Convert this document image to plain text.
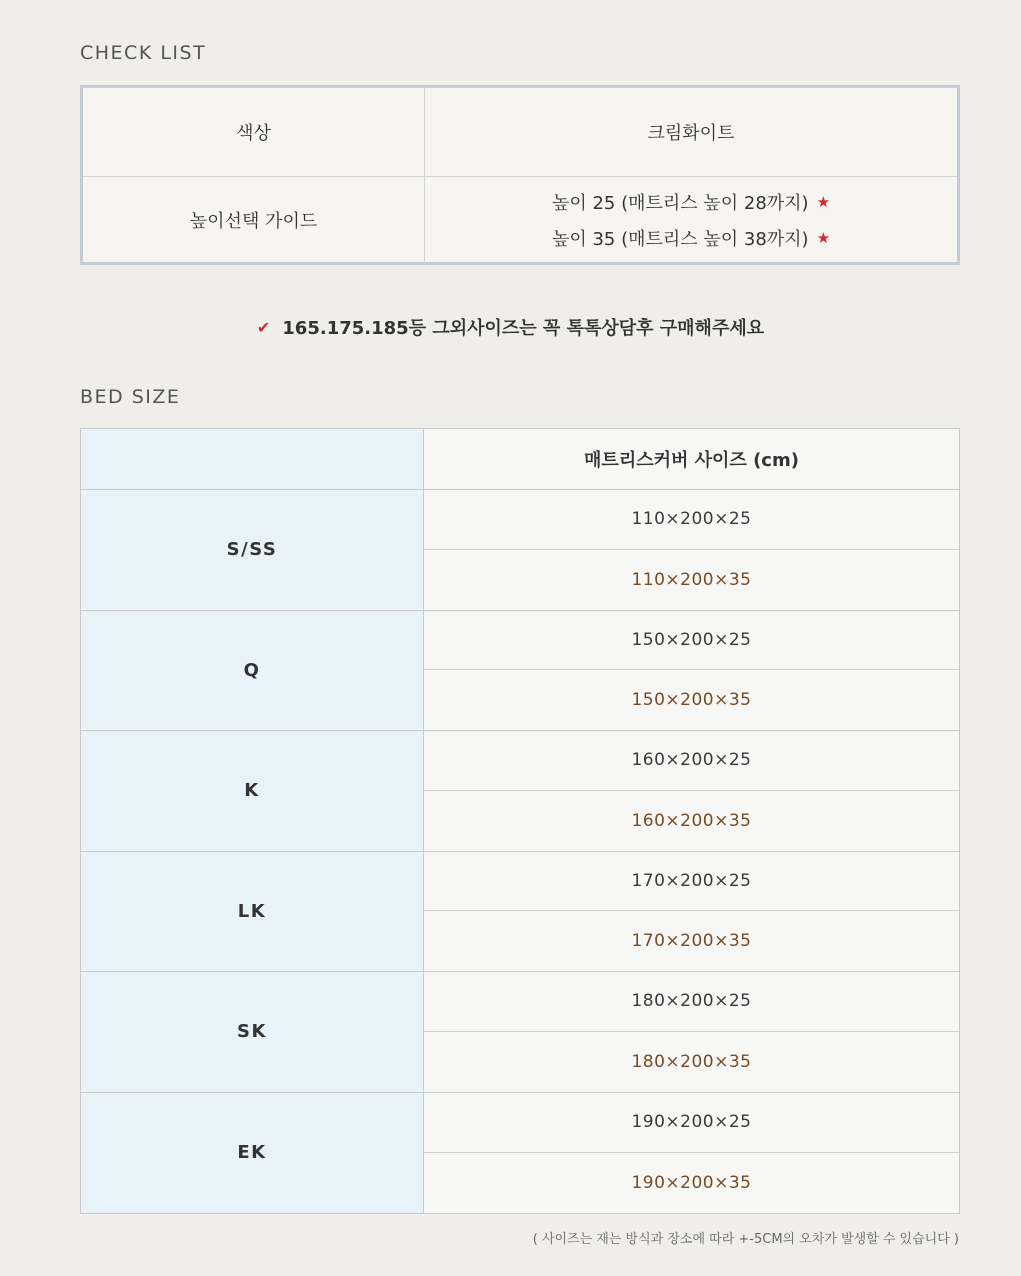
CHECK LIST
색상	크림화이트
높이선택 가이드
높이 25 (매트리스 높이 28까지) ★
높이 35 (매트리스 높이 38까지) ★
✔ 165.175.185등 그외사이즈는 꼭 톡톡상담후 구매해주세요
BED SIZE
매트리스커버 사이즈 (cm)
S/SS
110×200×25
110×200×35
Q
150×200×25
150×200×35
K
160×200×25
160×200×35
LK
170×200×25
170×200×35
SK
180×200×25
180×200×35
EK
190×200×25
190×200×35
( 사이즈는 재는 방식과 장소에 따라 +-5CM의 오차가 발생할 수 있습니다 )
